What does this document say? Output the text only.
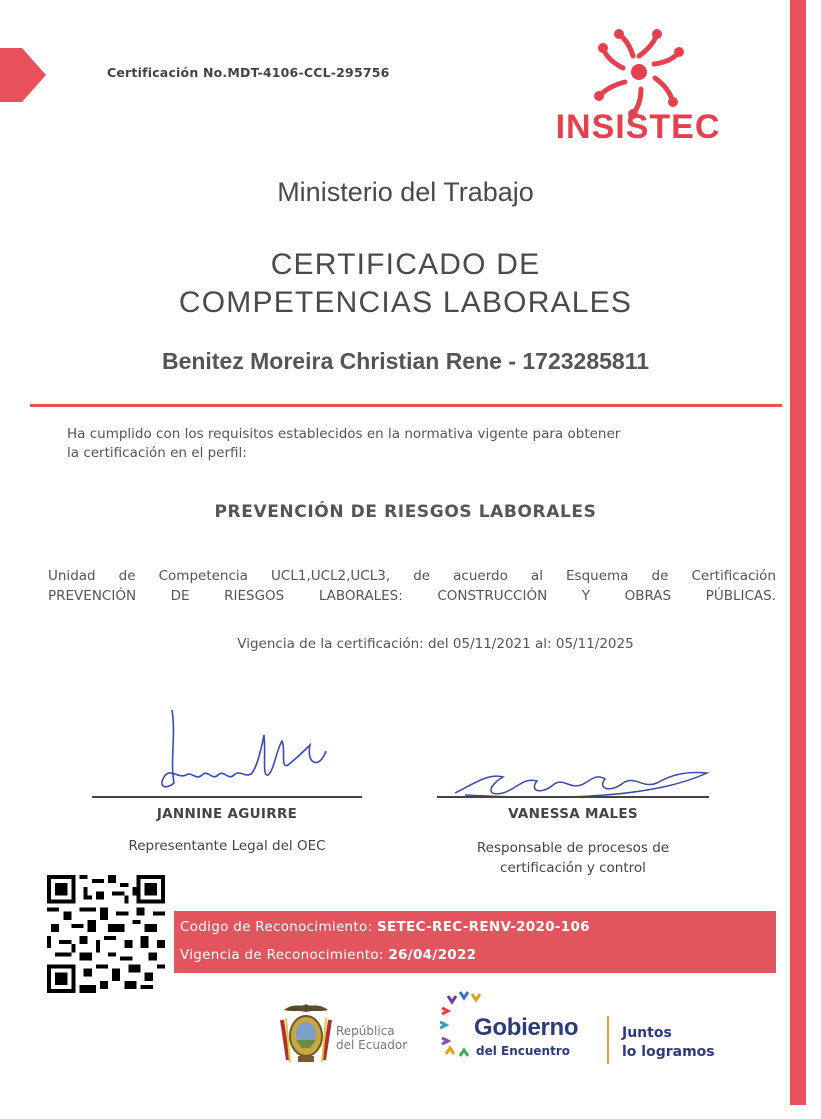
Certificación No.MDT-4106-CCL-295756
INSISTEC
Ministerio del Trabajo
CERTIFICADO DE
COMPETENCIAS LABORALES
Benitez Moreira Christian Rene - 1723285811
Ha cumplido con los requisitos establecidos en la normativa vigente para obtener
la certificación en el perfil:
PREVENCIÓN DE RIESGOS LABORALES
Unidad de Competencia UCL1,UCL2,UCL3, de acuerdo al Esquema de Certificación
PREVENCIÓN DE RIESGOS LABORALES: CONSTRUCCIÓN Y OBRAS PÚBLICAS.
Vigencia de la certificación: del 05/11/2021 al: 05/11/2025
JANNINE AGUIRRE
Representante Legal del OEC
VANESSA MALES
Responsable de procesos de
certificación y control
Codigo de Reconocimiento: SETEC-REC-RENV-2020-106
Vigencia de Reconocimiento: 26/04/2022
República
del Ecuador
Gobierno
del Encuentro
Juntos
lo logramos
